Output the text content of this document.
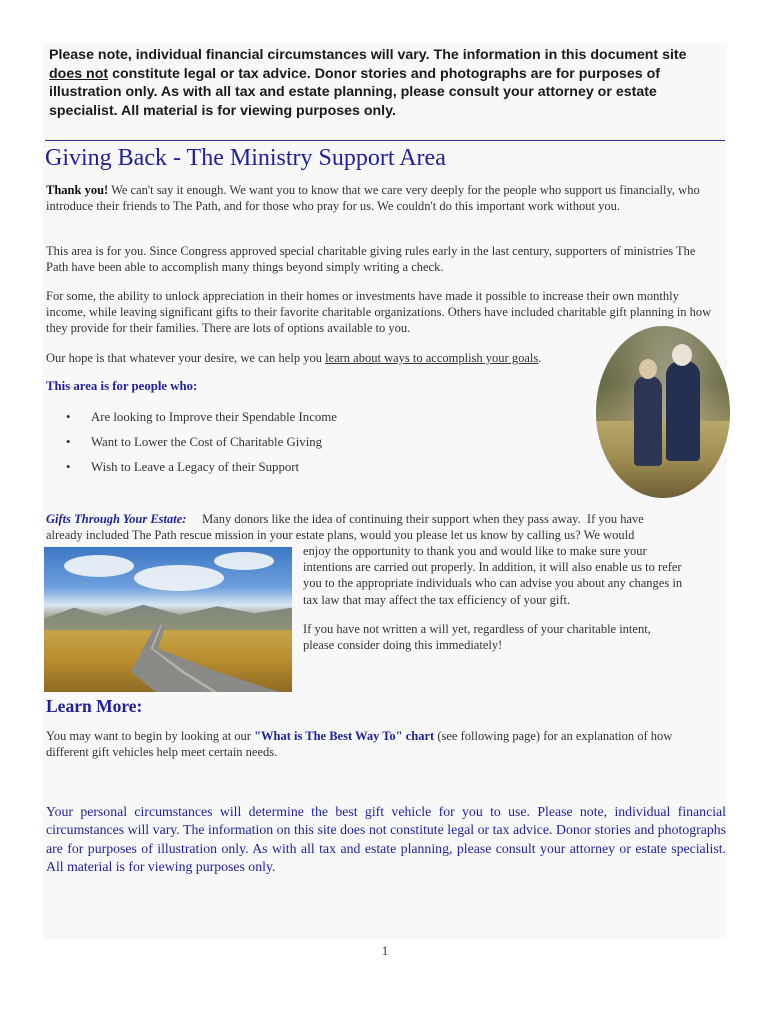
Please note, individual financial circumstances will vary. The information in this document site does not constitute legal or tax advice. Donor stories and photographs are for purposes of illustration only. As with all tax and estate planning, please consult your attorney or estate specialist. All material is for viewing purposes only.
Giving Back - The Ministry Support Area
Thank you! We can't say it enough. We want you to know that we care very deeply for the people who support us financially, who introduce their friends to The Path, and for those who pray for us. We couldn't do this important work without you.
This area is for you. Since Congress approved special charitable giving rules early in the last century, supporters of ministries The Path have been able to accomplish many things beyond simply writing a check.
For some, the ability to unlock appreciation in their homes or investments have made it possible to increase their own monthly income, while leaving significant gifts to their favorite charitable organizations. Others have included charitable gift planning in how they provide for their families. There are lots of options available to you.
Our hope is that whatever your desire, we can help you learn about ways to accomplish your goals.
This area is for people who:
• Are looking to Improve their Spendable Income
• Want to Lower the Cost of Charitable Giving
• Wish to Leave a Legacy of their Support
Gifts Through Your Estate:     Many donors like the idea of continuing their support when they pass away.  If you have
already included The Path rescue mission in your estate plans, would you please let us know by calling us? We would
enjoy the opportunity to thank you and would like to make sure your
intentions are carried out properly. In addition, it will also enable us to refer
you to the appropriate individuals who can advise you about any changes in
tax law that may affect the tax efficiency of your gift.
If you have not written a will yet, regardless of your charitable intent,
please consider doing this immediately!
Learn More:
You may want to begin by looking at our "What is The Best Way To" chart (see following page) for an explanation of how different gift vehicles help meet certain needs.
Your personal circumstances will determine the best gift vehicle for you to use. Please note, individual financial circumstances will vary. The information on this site does not constitute legal or tax advice. Donor stories and photographs are for purposes of illustration only. As with all tax and estate planning, please consult your attorney or estate specialist. All material is for viewing purposes only.
1
